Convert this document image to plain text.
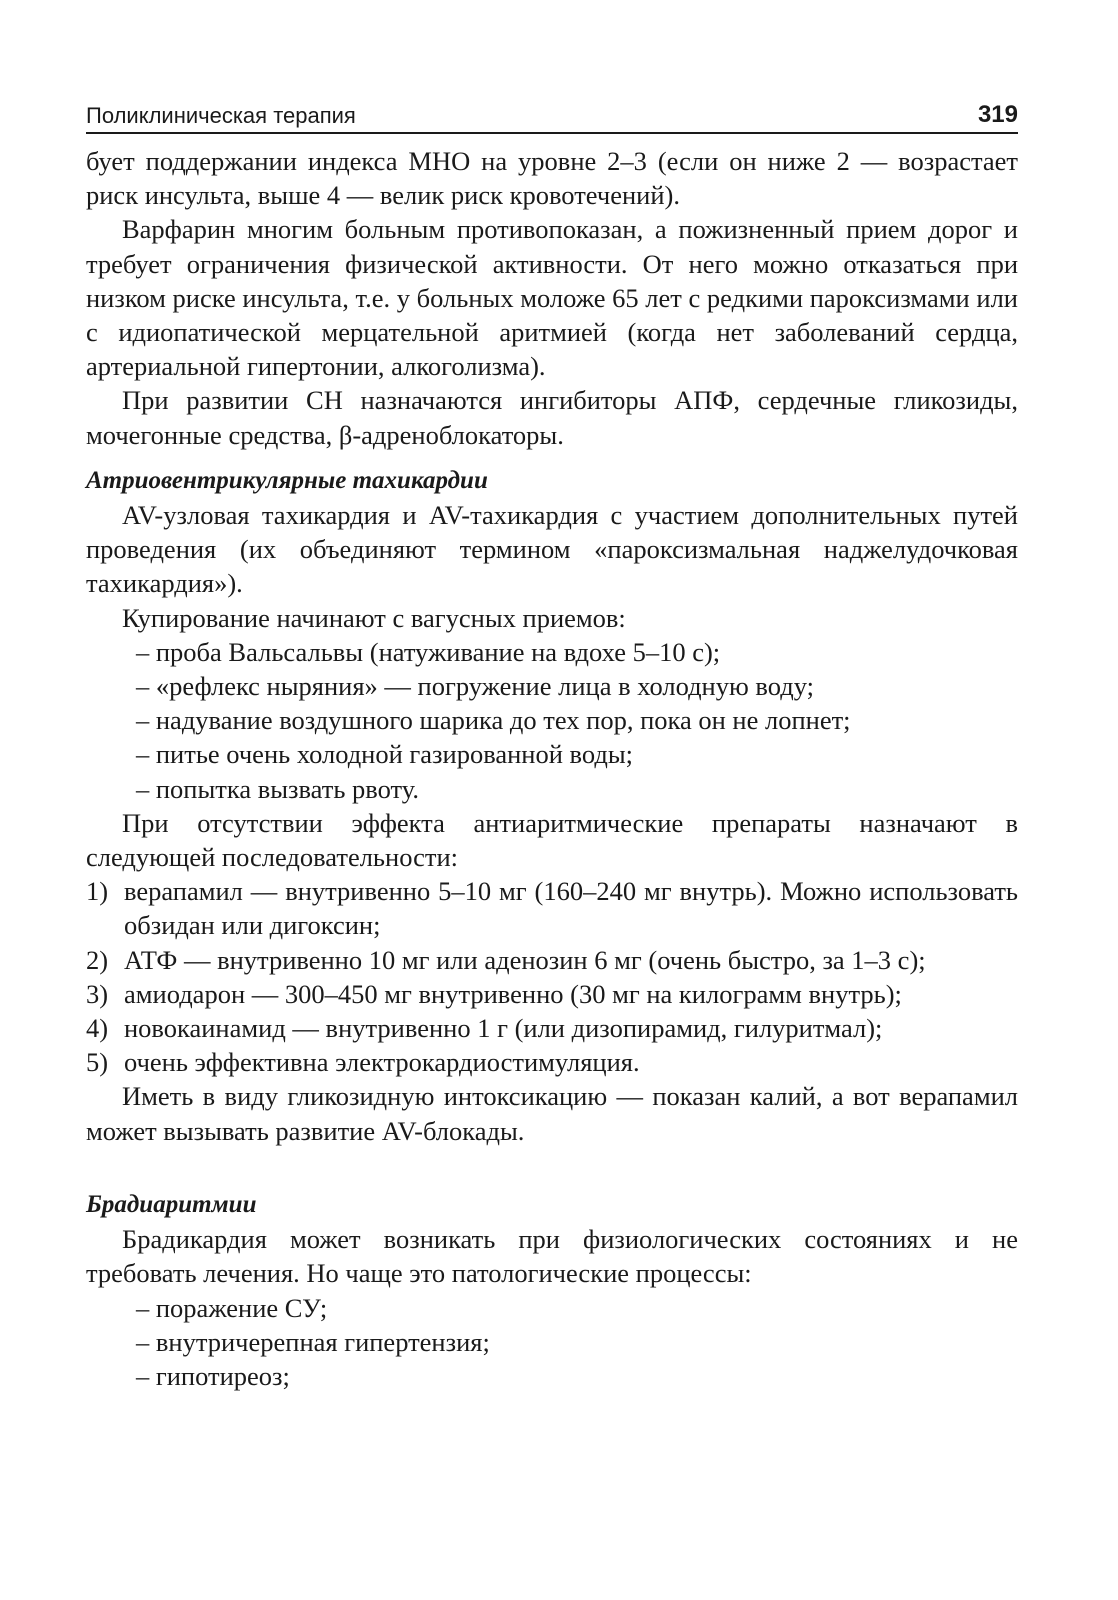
Поликлиническая терапия	319

бует поддержании индекса МНО на уровне 2–3 (если он ниже 2 — возрастает риск инсульта, выше 4 — велик риск кровотечений).

Варфарин многим больным противопоказан, а пожизненный прием дорог и требует ограничения физической активности. От него можно отказаться при низком риске инсульта, т.е. у больных моложе 65 лет с редкими пароксизмами или с идиопатической мерцательной аритмией (когда нет заболеваний сердца, артериальной гипертонии, алкоголизма).

При развитии СН назначаются ингибиторы АПФ, сердечные гликозиды, мочегонные средства, β-адреноблокаторы.

Атриовентрикулярные тахикардии

AV-узловая тахикардия и AV-тахикардия с участием дополнительных путей проведения (их объединяют термином «пароксизмальная наджелудочковая тахикардия»).

Купирование начинают с вагусных приемов:

– проба Вальсальвы (натуживание на вдохе 5–10 с);
– «рефлекс ныряния» — погружение лица в холодную воду;
– надувание воздушного шарика до тех пор, пока он не лопнет;
– питье очень холодной газированной воды;
– попытка вызвать рвоту.

При отсутствии эффекта антиаритмические препараты назначают в следующей последовательности:

1) верапамил — внутривенно 5–10 мг (160–240 мг внутрь). Можно использовать обзидан или дигоксин;
2) АТФ — внутривенно 10 мг или аденозин 6 мг (очень быстро, за 1–3 с);
3) амиодарон — 300–450 мг внутривенно (30 мг на килограмм внутрь);
4) новокаинамид — внутривенно 1 г (или дизопирамид, гилуритмал);
5) очень эффективна электрокардиостимуляция.

Иметь в виду гликозидную интоксикацию — показан калий, а вот верапамил может вызывать развитие AV-блокады.

Брадиаритмии

Брадикардия может возникать при физиологических состояниях и не требовать лечения. Но чаще это патологические процессы:

– поражение СУ;
– внутричерепная гипертензия;
– гипотиреоз;
